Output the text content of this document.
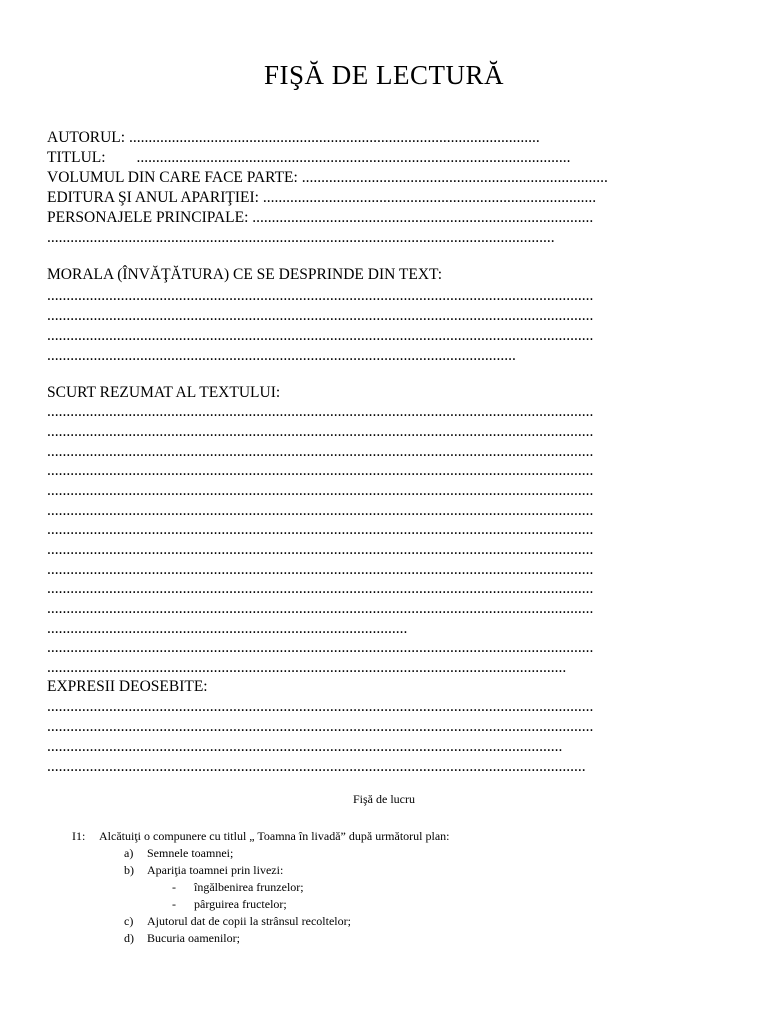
FIŞĂ DE LECTURĂ
AUTORUL: ..........................................................................................................
TITLUL:        ................................................................................................................
VOLUMUL DIN CARE FACE PARTE: ...............................................................................
EDITURA ŞI ANUL APARIŢIEI: ......................................................................................
PERSONAJELE PRINCIPALE: ........................................................................................
...................................................................................................................................
MORALA (ÎNVĂŢĂTURA) CE SE DESPRINDE DIN TEXT:
.............................................................................................................................................
.............................................................................................................................................
.............................................................................................................................................
.........................................................................................................................
SCURT REZUMAT AL TEXTULUI:
.............................................................................................................................................
.............................................................................................................................................
.............................................................................................................................................
.............................................................................................................................................
.............................................................................................................................................
.............................................................................................................................................
.............................................................................................................................................
.............................................................................................................................................
.............................................................................................................................................
.............................................................................................................................................
.............................................................................................................................................
.............................................................................................
.............................................................................................................................................
......................................................................................................................................
EXPRESII DEOSEBITE:
.............................................................................................................................................
.............................................................................................................................................
.....................................................................................................................................
...........................................................................................................................................
Fişă de lucru
I1: Alcătuiţi o compunere cu titlul „ Toamna în livadă” după următorul plan:
a) Semnele toamnei;
b) Apariţia toamnei prin livezi:
- îngălbenirea frunzelor;
- pârguirea fructelor;
c) Ajutorul dat de copii la strânsul recoltelor;
d) Bucuria oamenilor;
